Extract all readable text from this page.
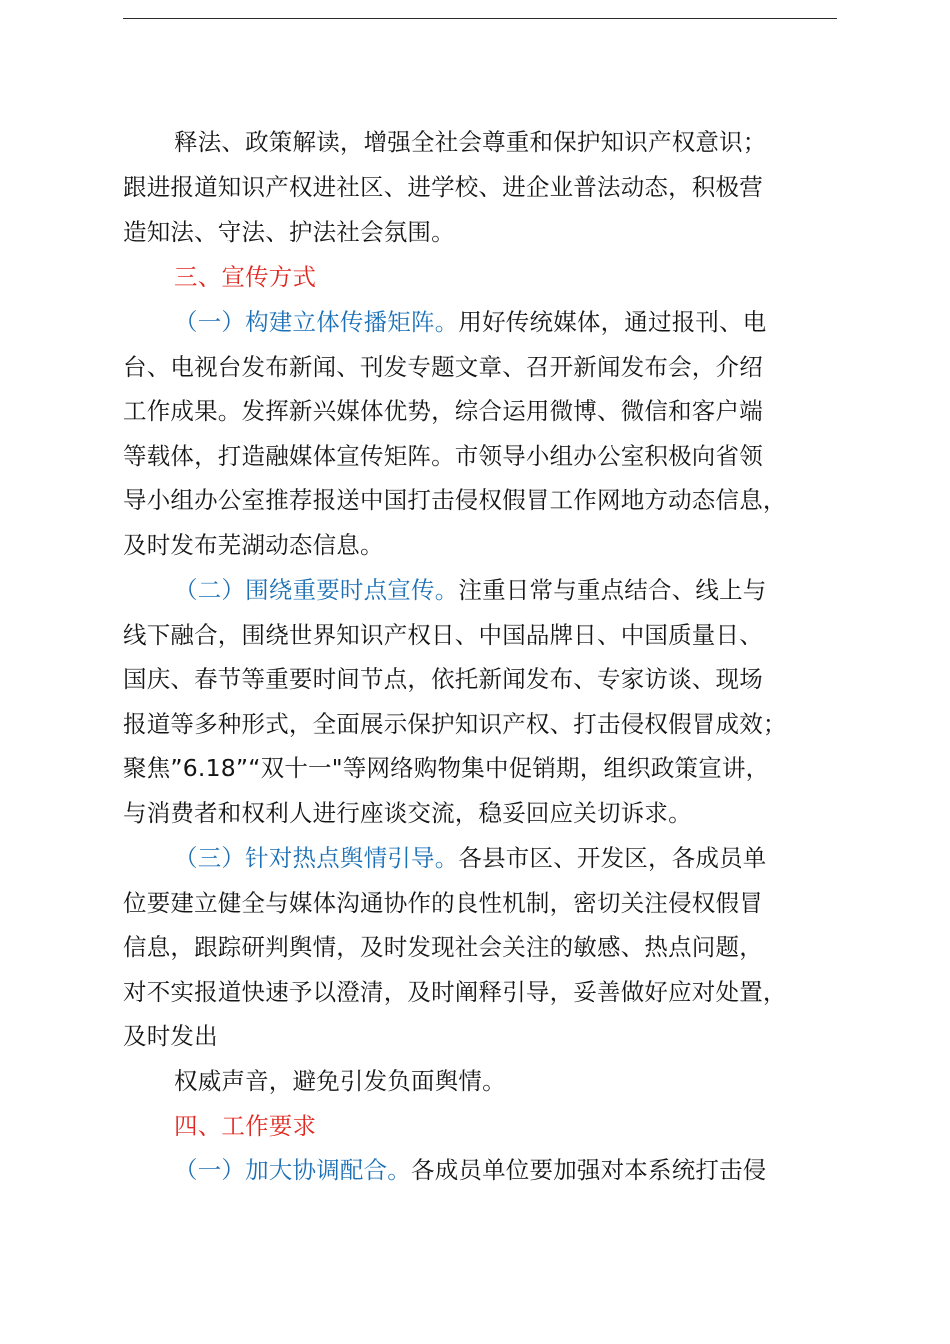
释法、政策解读，增强全社会尊重和保护知识产权意识；

跟进报道知识产权进社区、进学校、进企业普法动态，积极营

造知法、守法、护法社会氛围。

三、宣传方式

（一）构建立体传播矩阵。用好传统媒体，通过报刊、电

台、电视台发布新闻、刊发专题文章、召开新闻发布会，介绍

工作成果。发挥新兴媒体优势，综合运用微博、微信和客户端

等载体，打造融媒体宣传矩阵。市领导小组办公室积极向省领

导小组办公室推荐报送中国打击侵权假冒工作网地方动态信息，

及时发布芜湖动态信息。

（二）围绕重要时点宣传。注重日常与重点结合、线上与

线下融合，围绕世界知识产权日、中国品牌日、中国质量日、

国庆、春节等重要时间节点，依托新闻发布、专家访谈、现场

报道等多种形式，全面展示保护知识产权、打击侵权假冒成效；

聚焦”6.18”“双十一"等网络购物集中促销期，组织政策宣讲，

与消费者和权利人进行座谈交流，稳妥回应关切诉求。

（三）针对热点舆情引导。各县市区、开发区，各成员单

位要建立健全与媒体沟通协作的良性机制，密切关注侵权假冒

信息，跟踪研判舆情，及时发现社会关注的敏感、热点问题，

对不实报道快速予以澄清，及时阐释引导，妥善做好应对处置，

及时发出

权威声音，避免引发负面舆情。

四、工作要求

（一）加大协调配合。各成员单位要加强对本系统打击侵
